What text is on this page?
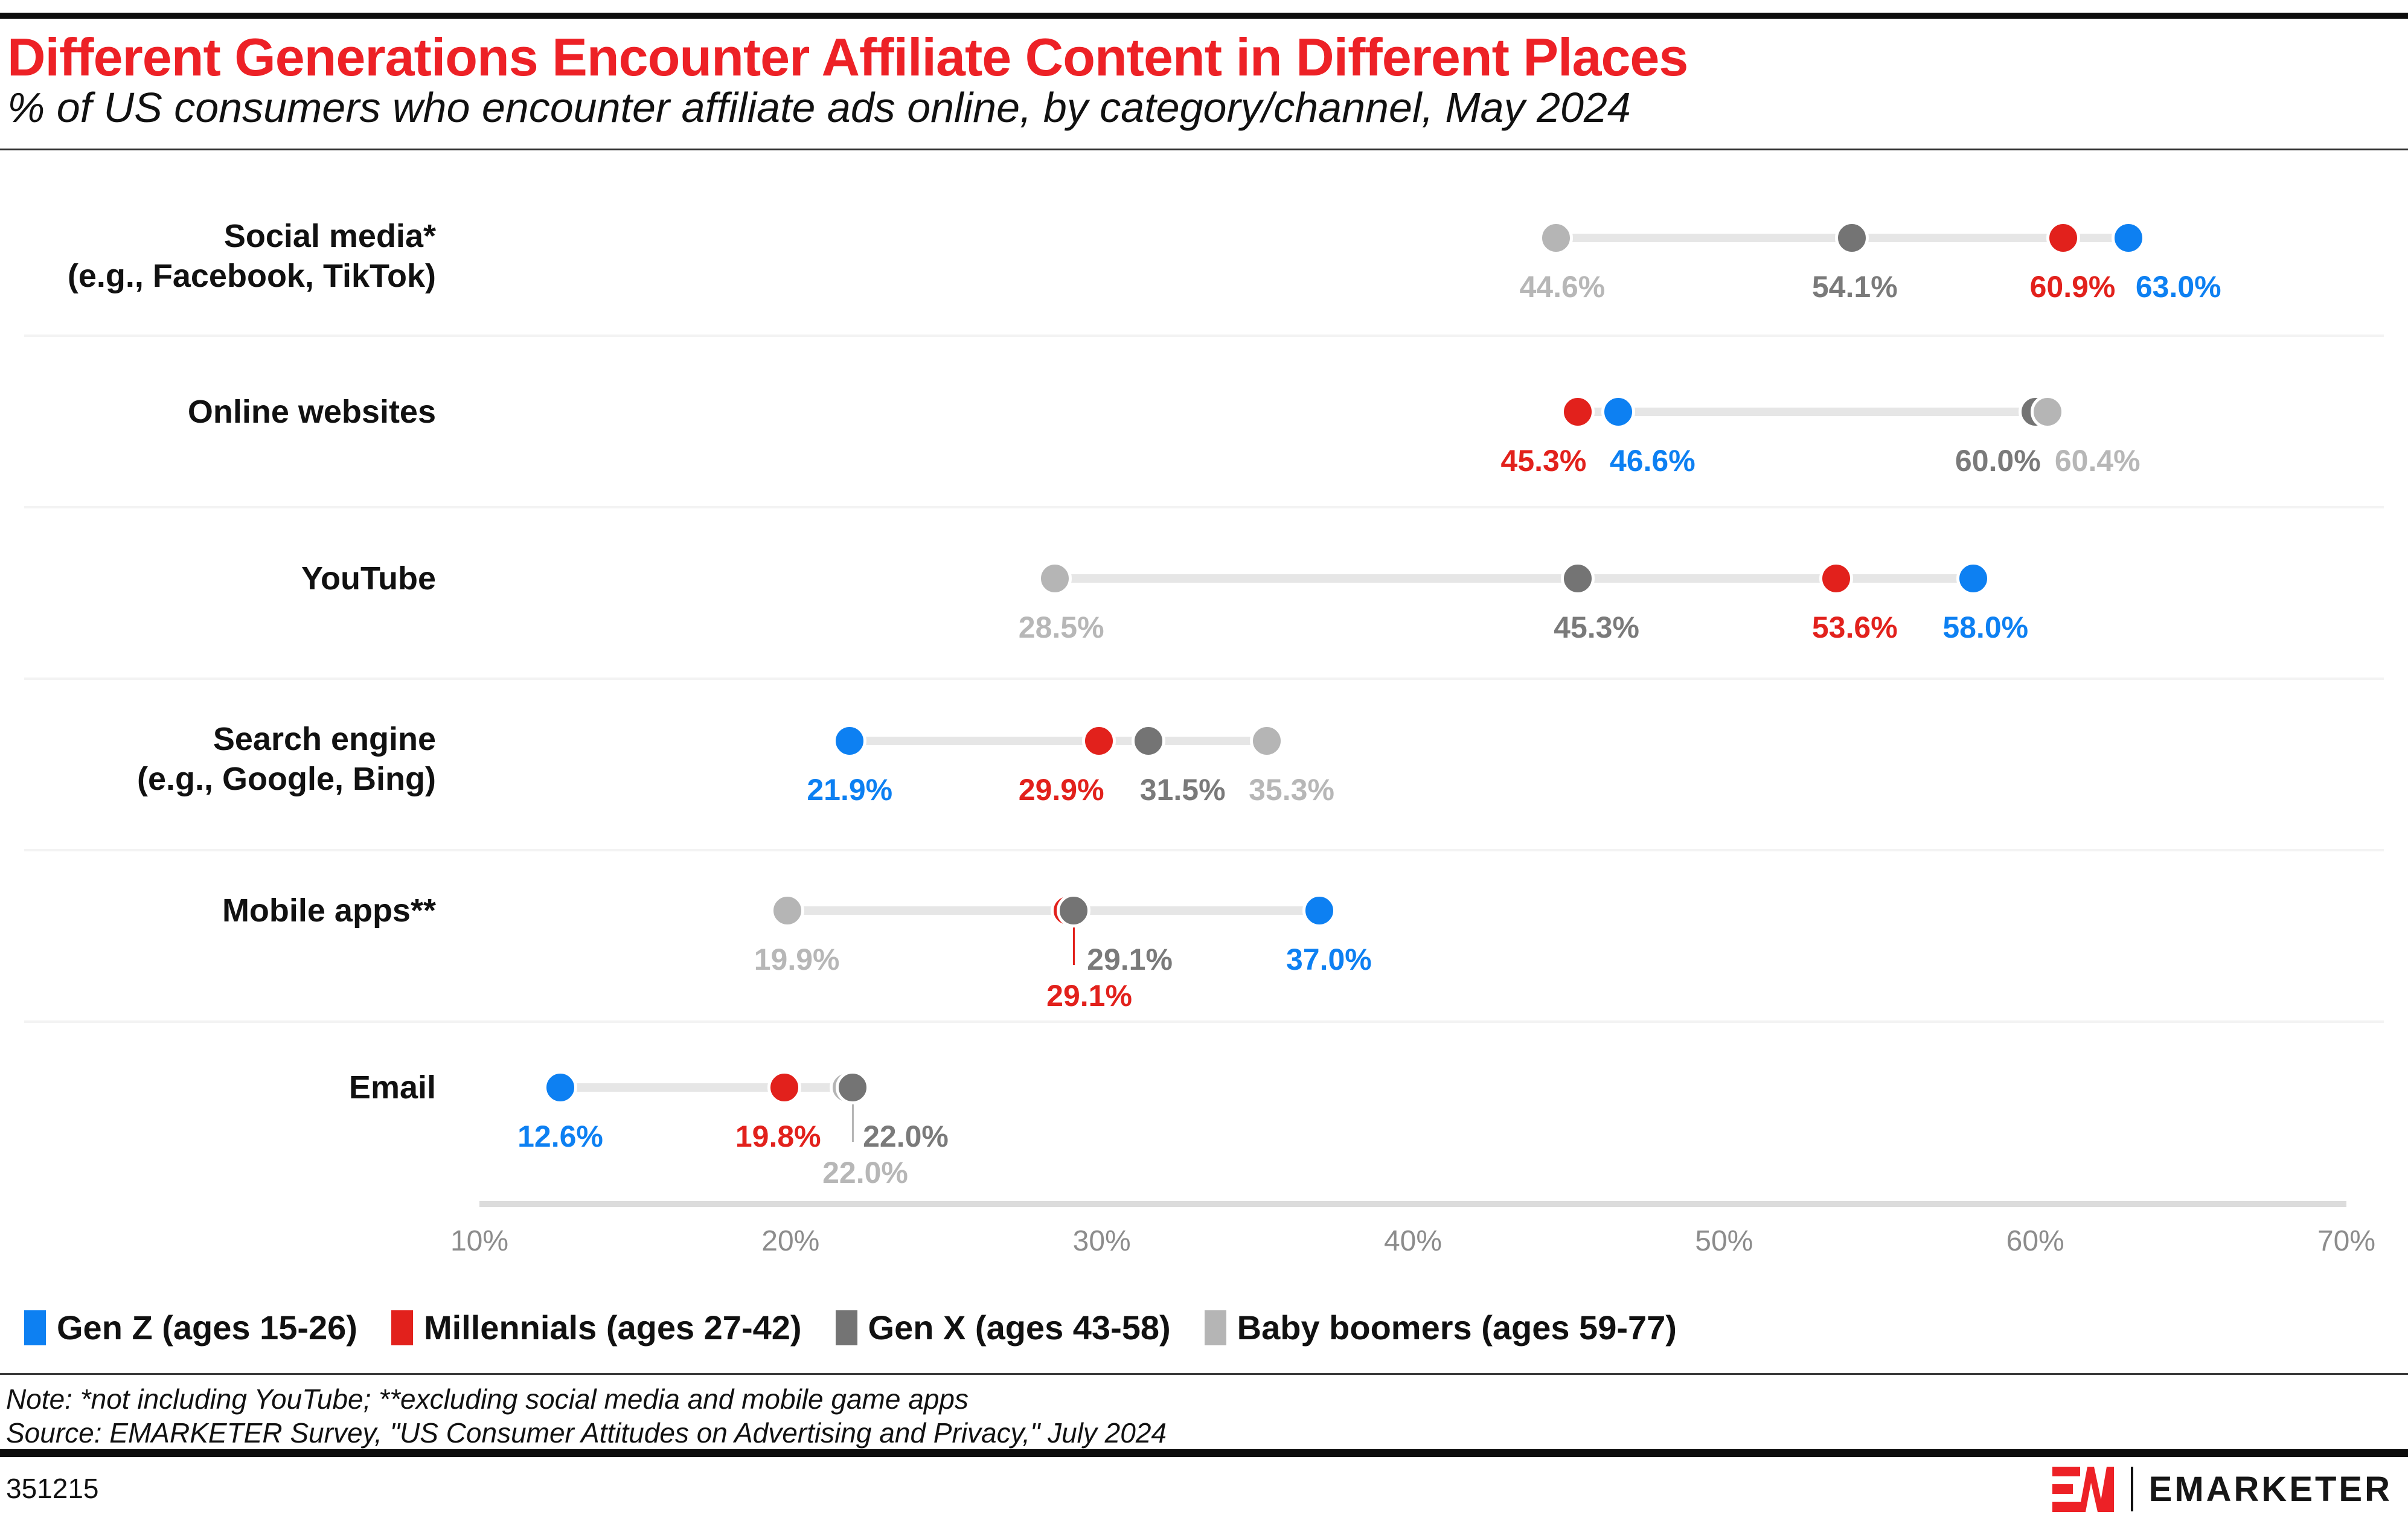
Different Generations Encounter Affiliate Content in Different Places
% of US consumers who encounter affiliate ads online, by category/channel, May 2024
Social media*
(e.g., Facebook, TikTok)	44.6%	54.1%	60.9% 63.0%
Online websites
45.3% 46.6%	60.0% 60.4%
YouTube
28.5%	45.3%	53.6% 58.0%
Search engine
(e.g., Google, Bing)	21.9%	29.9% 31.5% 35.3%
Mobile apps**
19.9%	29.1%
29.1%
37.0%
Email
12.6%	19.8% 22.0%
22.0%
10%	20%	30%	40%	50%	60%	70%
Gen Z (ages 15-26) Millennials (ages 27-42) Gen X (ages 43-58) Baby boomers (ages 59-77)
Note: *not including YouTube; **excluding social media and mobile game apps
Source: EMARKETER Survey, "US Consumer Attitudes on Advertising and Privacy," July 2024
351215	EMARKETER
